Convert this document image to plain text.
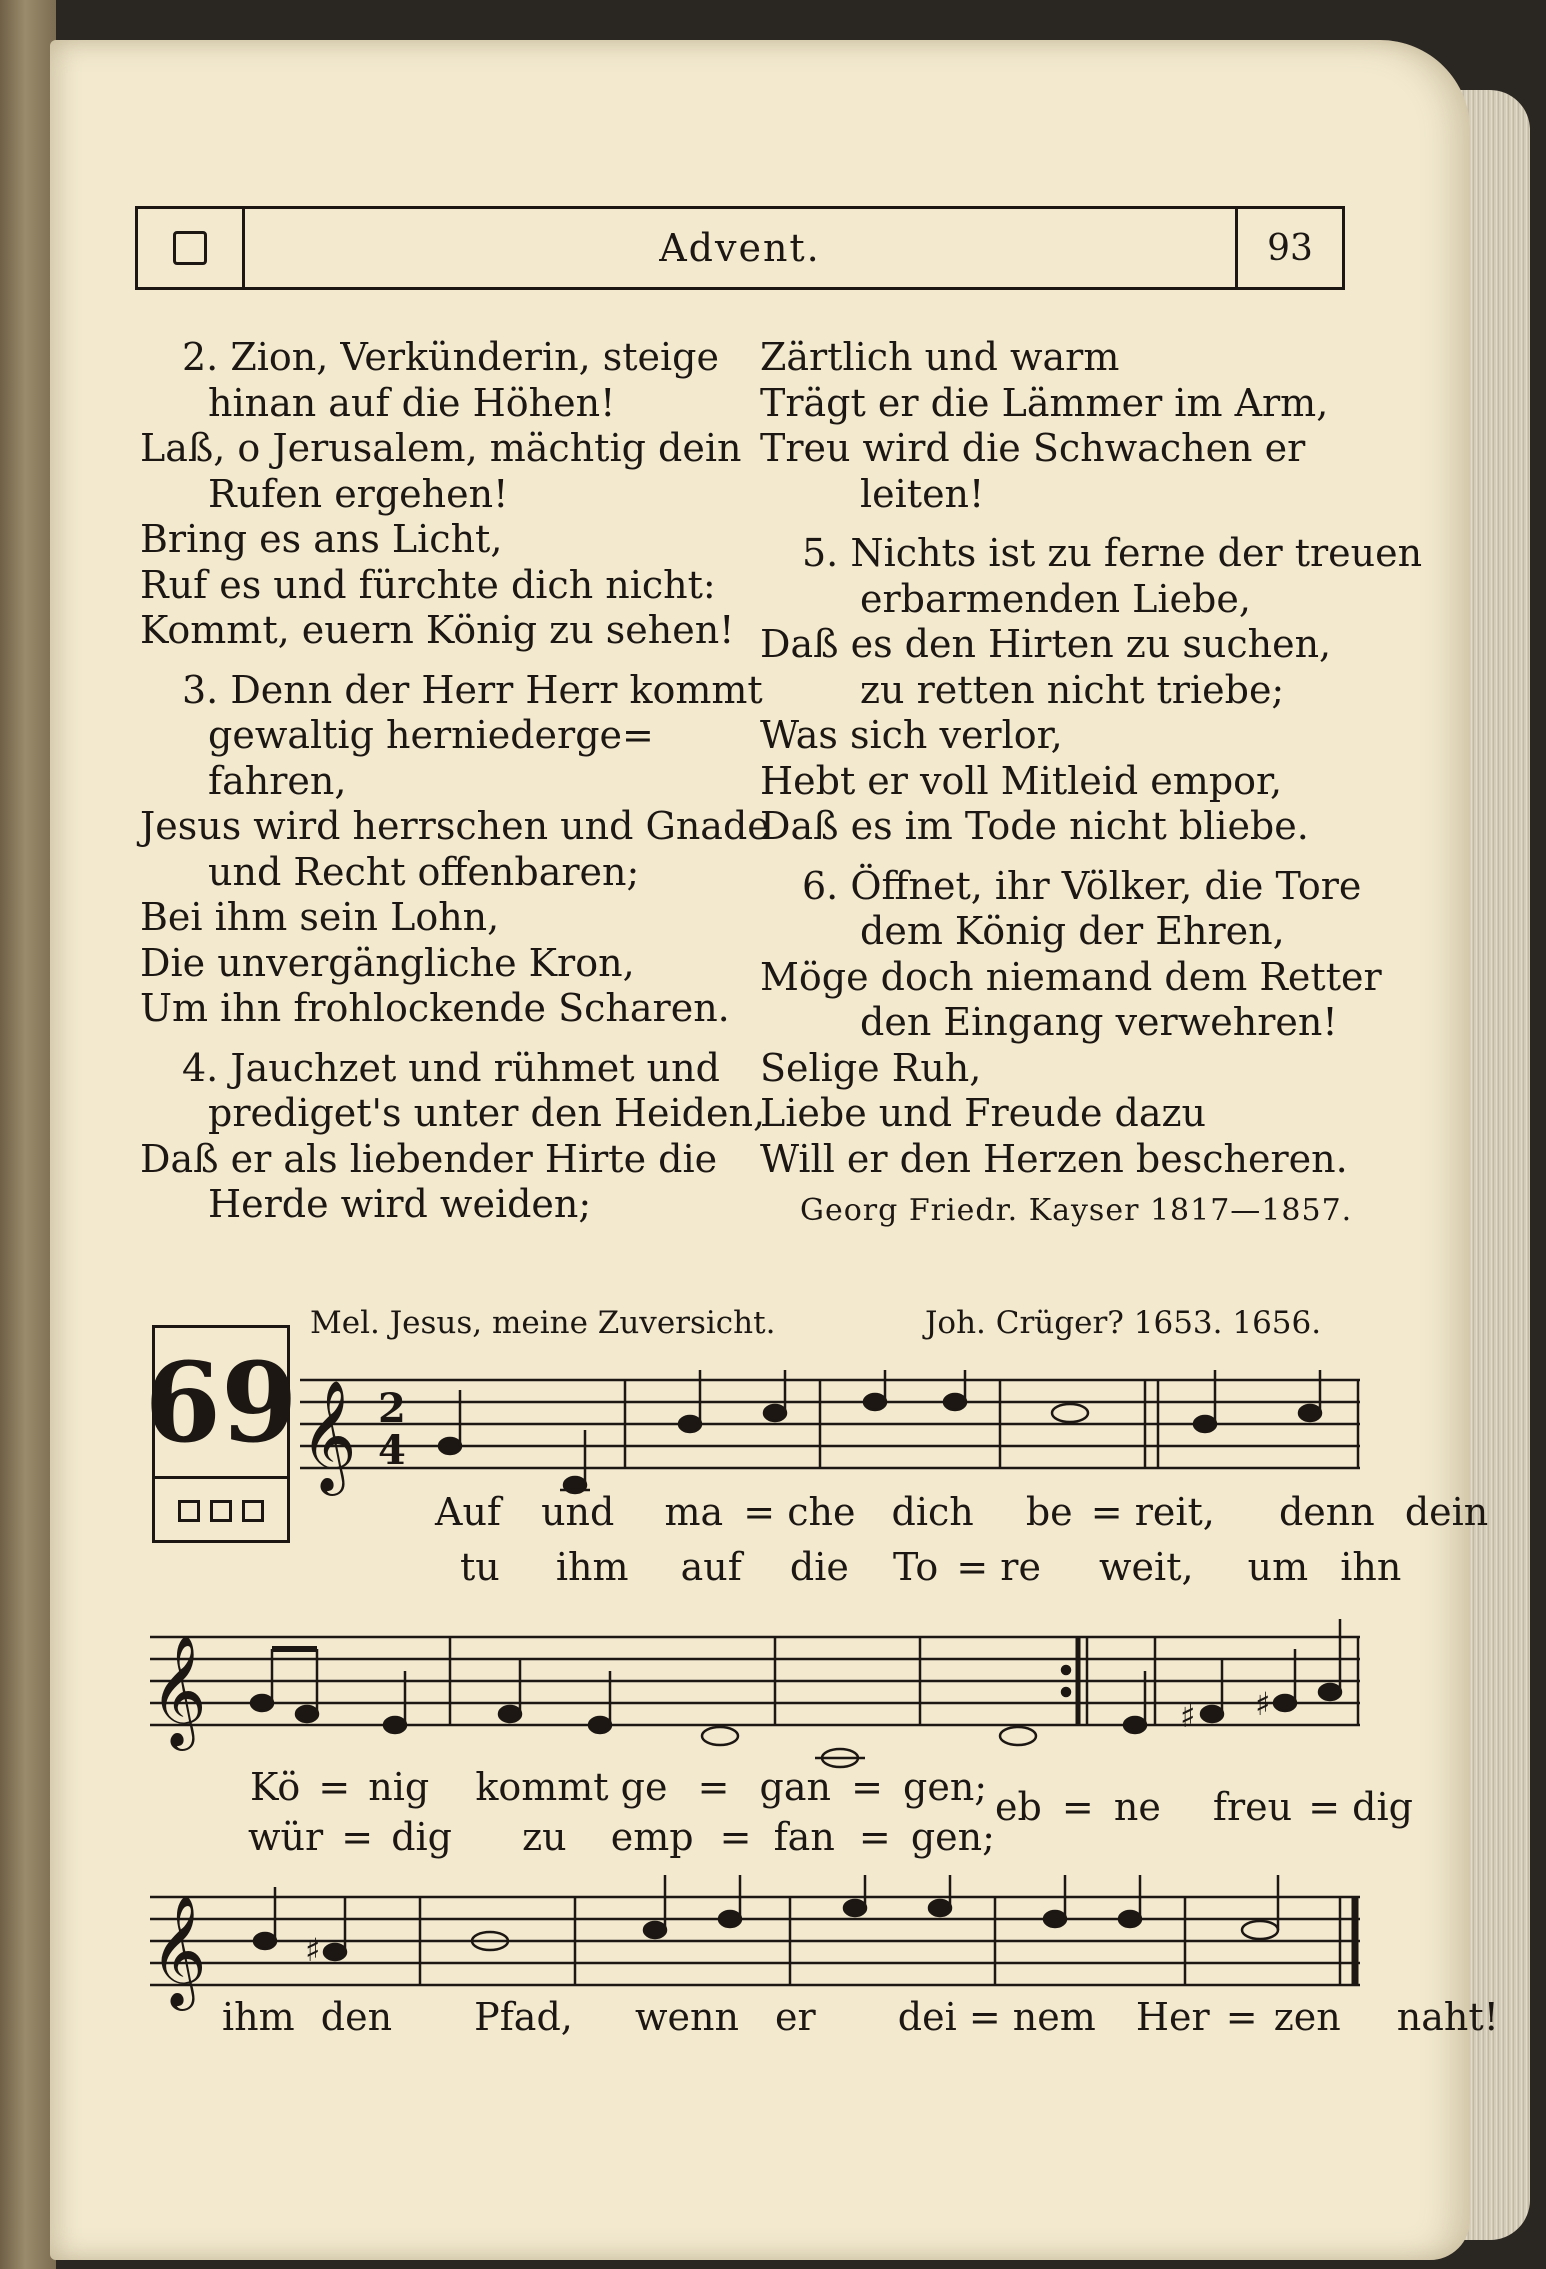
Advent.	93
2. Zion, Verkünderin, steige
hinan auf die Höhen!
Laß, o Jerusalem, mächtig dein
Rufen ergehen!
Bring es ans Licht,
Ruf es und fürchte dich nicht:
Kommt, euern König zu sehen!
3. Denn der Herr Herr kommt
gewaltig herniederge=
fahren,
Jesus wird herrschen und Gnade
und Recht offenbaren;
Bei ihm sein Lohn,
Die unvergängliche Kron,
Um ihn frohlockende Scharen.
4. Jauchzet und rühmet und
prediget's unter den Heiden,
Daß er als liebender Hirte die
Herde wird weiden;
Zärtlich und warm
Trägt er die Lämmer im Arm,
Treu wird die Schwachen er
leiten!
5. Nichts ist zu ferne der treuen
erbarmenden Liebe,
Daß es den Hirten zu suchen,
zu retten nicht triebe;
Was sich verlor,
Hebt er voll Mitleid empor,
Daß es im Tode nicht bliebe.
6. Öffnet, ihr Völker, die Tore
dem König der Ehren,
Möge doch niemand dem Retter
den Eingang verwehren!
Selige Ruh,
Liebe und Freude dazu
Will er den Herzen bescheren.
Georg Friedr. Kayser 1817—1857.
69
Mel. Jesus, meine Zuversicht.	Joh. Crüger? 1653. 1656.
𝄞 2
4
Auf und ma = che dich be = reit, denn dein
tu ihm auf die To = re weit, um ihn
𝄞	♯ ♯
Kö = nig kommt ge = gan = gen; eb = ne freu = dig
wür = dig zu emp = fan = gen;
𝄞	♯
ihm den Pfad, wenn er dei = nem Her = zen naht!
